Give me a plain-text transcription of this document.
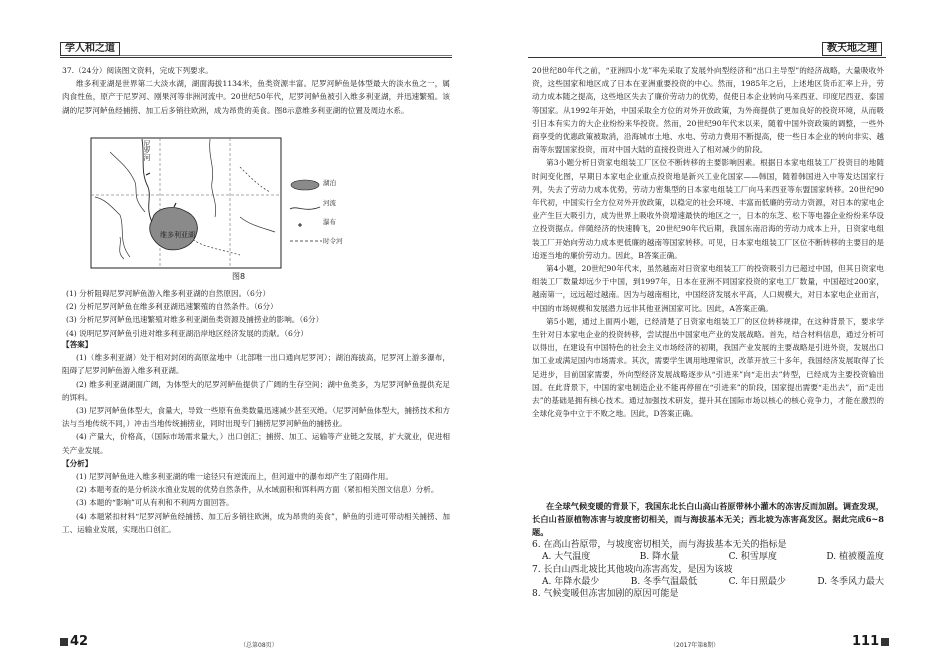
学人和之道

37.（24分）阅读图文资料，完成下列要求。

维多利亚湖是世界第二大淡水湖，湖面海拔1134米，鱼类资源丰富。尼罗河鲈鱼是体型最大的淡水鱼之一，属肉食性鱼，原产于尼罗河、刚果河等非洲河流中。20世纪50年代，尼罗河鲈鱼被引入维多利亚湖，并迅速繁殖。该湖的尼罗河鲈鱼经捕捞、加工后多销往欧洲，成为昂贵的美食。图8示意维多利亚湖的位置及周边水系。

尼罗河
维多利亚湖
湖泊
河流
瀑布
时令河
图8

(1) 分析阻碍尼罗河鲈鱼游入维多利亚湖的自然原因。（6分）

(2) 分析尼罗河鲈鱼在维多利亚湖迅速繁殖的自然条件。（6分）

(3) 分析尼罗河鲈鱼迅速繁殖对维多利亚湖鱼类资源及捕捞业的影响。（6分）

(4) 说明尼罗河鲈鱼引进对维多利亚湖沿岸地区经济发展的贡献。（6分）

【答案】

(1)（维多利亚湖）处于相对封闭的高原盆地中（北部唯一出口通向尼罗河）；湖泊海拔高，尼罗河上游多瀑布，阻碍了尼罗河鲈鱼游入维多利亚湖。

(2) 维多利亚湖湖面广阔，为体型大的尼罗河鲈鱼提供了广阔的生存空间；湖中鱼类多，为尼罗河鲈鱼提供充足的饵料。

(3) 尼罗河鲈鱼体型大，食量大，导致一些原有鱼类数量迅速减少甚至灭绝。（尼罗河鲈鱼体型大，捕捞技术和方法与当地传统不同，）冲击当地传统捕捞业，同时出现专门捕捞尼罗河鲈鱼的捕捞业。

(4) 产量大，价格高，（国际市场需求量大，）出口创汇；捕捞、加工、运输等产业链之发展，扩大就业，促进相关产业发展。

【分析】

(1) 尼罗河鲈鱼进入维多利亚湖的唯一途径只有逆流而上，但河道中的瀑布却产生了阻碍作用。

(2) 本题考查的是分析淡水渔业发展的优势自然条件，从水域面积和饵料两方面（紧扣相关图文信息）分析。

(3) 本题的“影响”可从有利和不利两方面回答。

(4) 本题紧扣材料“尼罗河鲈鱼经捕捞、加工后多销往欧洲，成为昂贵的美食”，鲈鱼的引进可带动相关捕捞、加工、运输业发展，实现出口创汇。

42	（总第08页）
教天地之理

20世纪80年代之前，“亚洲四小龙”率先采取了发展外向型经济和“出口主导型”的经济战略，大量吸收外资，这些国家和地区成了日本在亚洲重要投资的中心。然而，1985年之后，上述地区货币汇率上升，劳动力成本随之提高，这些地区失去了廉价劳动力的优势，促使日本企业转向马来西亚、印度尼西亚、泰国等国家。从1992年开始，中国采取全方位的对外开放政策，为外商提供了更加良好的投资环境，从而吸引日本有实力的大企业纷纷来华投资。然而，20世纪90年代末以来，随着中国外资政策的调整，一些外商享受的优惠政策被取消，沿海城市土地、水电、劳动力费用不断提高，使一些日本企业的转向非实、越南等东盟国家投资，而对中国大陆的直接投资进入了相对减少的阶段。

第3小题分析日资家电组装工厂区位不断转移的主要影响因素。根据日本家电组装工厂投资目的地随时间变化图，早期日本家电企业重点投资地是新兴工业化国家——韩国，随着韩国进入中等发达国家行列，失去了劳动力成本优势，劳动力密集型的日本家电组装工厂向马来西亚等东盟国家转移。20世纪90年代初，中国实行全方位对外开放政策，以稳定的社会环境、丰富而低廉的劳动力资源，对日本的家电企业产生巨大吸引力，成为世界上吸收外资增速最快的地区之一，日本的东芝、松下等电器企业纷纷来华设立投资据点。伴随经济的快速腾飞，20世纪90年代后期，我国东南沿海的劳动力成本上升，日资家电组装工厂开始向劳动力成本更低廉的越南等国家转移。可见，日本家电组装工厂区位不断转移的主要目的是追逐当地的廉价劳动力。因此，B答案正确。

第4小题，20世纪90年代末，虽然越南对日资家电组装工厂的投资吸引力已超过中国，但其日资家电组装工厂数量却远少于中国，到1997年，日本在亚洲不同国家投资的家电工厂数量，中国超过200家，越南第一，远远超过越南。因为与越南相比，中国经济发展水平高，人口规模大，对日本家电企业而言，中国的市场规模和发展潜力远非其他亚洲国家可比。因此，A答案正确。

第5小题，通过上面两小题，已经清楚了日资家电组装工厂的区位转移规律，在这种背景下，要求学生针对日本家电企业的投资转移，尝试提出中国家电产业的发展战略。首先，结合材料信息，通过分析可以得出，在建设有中国特色的社会主义市场经济的初期，我国产业发展的主要战略是引进外资，发展出口加工业或满足国内市场需求。其次，需要学生调用地理常识，改革开放三十多年，我国经济发展取得了长足进步，目前国家需要，外向型经济发展战略逐步从“引进来”向“走出去”转型，已经成为主要投资输出国。在此背景下，中国的家电制造企业不能再停留在“引进来”的阶段，国家提出需要“走出去”，而“走出去”的基础是拥有核心技术。通过加强技术研发，提升其在国际市场以核心的核心竞争力，才能在激烈的全球化竞争中立于不败之地。因此，D答案正确。

在全球气候变暖的背景下，我国东北长白山高山苔原带林小灌木的冻害反而加剧。调查发现，长白山苔原植物冻害与坡度密切相关，而与海拔基本无关；西北坡为冻害高发区。据此完成6~8题。

6. 在高山苔原带，与坡度密切相关，而与海拔基本无关的指标是

A. 大气温度	B. 降水量	C. 积雪厚度	D. 植被覆盖度

7. 长白山西北坡比其他坡向冻害高发，是因为该坡

A. 年降水最少	B. 冬季气温最低	C. 年日照最少	D. 冬季风力最大

8. 气候变暖但冻害加剧的原因可能是

（2017年第8期）	111
